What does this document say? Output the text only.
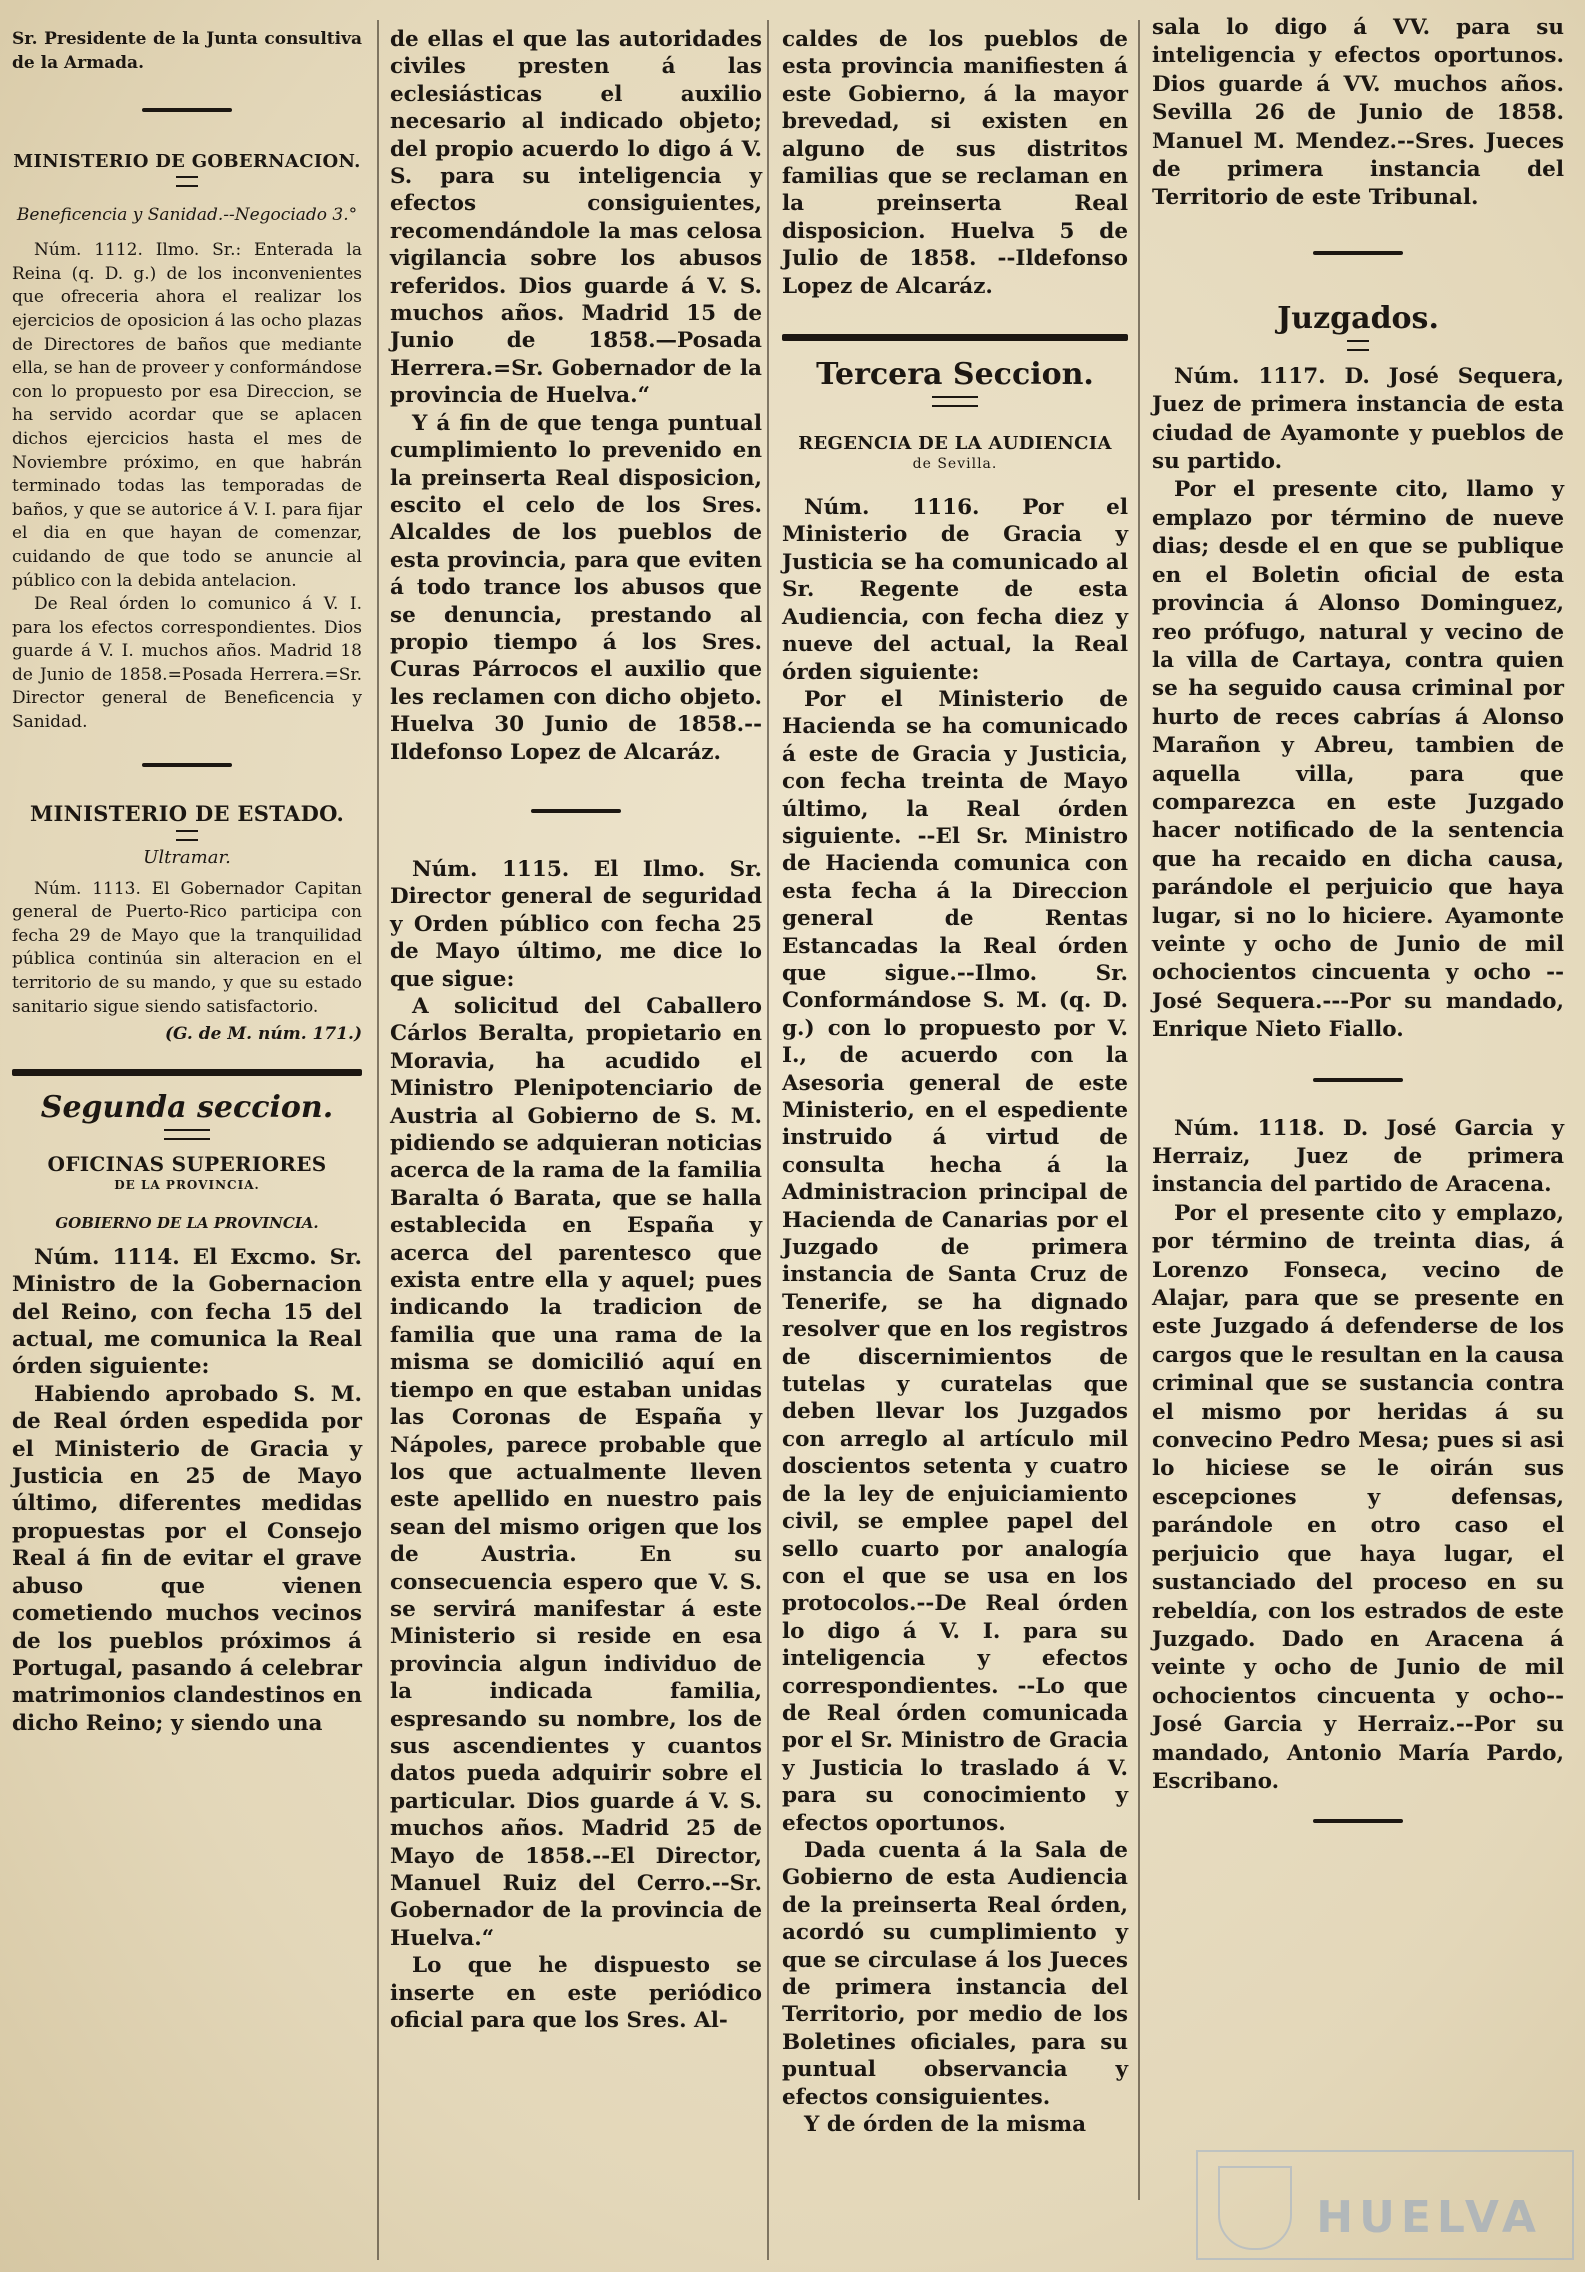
Sr. Presidente de la Junta consultiva de la Armada.

MINISTERIO DE GOBERNACION.
Beneficencia y Sanidad.--Negociado 3.°

Núm. 1112. Ilmo. Sr.: Enterada la Reina (q. D. g.) de los inconvenientes que ofreceria ahora el realizar los ejercicios de oposicion á las ocho plazas de Directores de baños que mediante ella, se han de proveer y conformándose con lo propuesto por esa Direccion, se ha servido acordar que se aplacen dichos ejercicios hasta el mes de Noviembre próximo, en que habrán terminado todas las temporadas de baños, y que se autorice á V. I. para fijar el dia en que hayan de comenzar, cuidando de que todo se anuncie al público con la debida antelacion.

De Real órden lo comunico á V. I. para los efectos correspondientes. Dios guarde á V. I. muchos años. Madrid 18 de Junio de 1858.=Posada Herrera.=Sr. Director general de Beneficencia y Sanidad.

MINISTERIO DE ESTADO.
Ultramar.

Núm. 1113. El Gobernador Capitan general de Puerto-Rico participa con fecha 29 de Mayo que la tranquilidad pública continúa sin alteracion en el territorio de su mando, y que su estado sanitario sigue siendo satisfactorio.

(G. de M. núm. 171.)

Segunda seccion.
OFICINAS SUPERIORES
DE LA PROVINCIA.
GOBIERNO DE LA PROVINCIA.

Núm. 1114. El Excmo. Sr. Ministro de la Gobernacion del Reino, con fecha 15 del actual, me comunica la Real órden siguiente:

Habiendo aprobado S. M. de Real órden espedida por el Ministerio de Gracia y Justicia en 25 de Mayo último, diferentes medidas propuestas por el Consejo Real á fin de evitar el grave abuso que vienen cometiendo muchos vecinos de los pueblos próximos á Portugal, pasando á celebrar matrimonios clandestinos en dicho Reino; y siendo una

de ellas el que las autoridades civiles presten á las eclesiásticas el auxilio necesario al indicado objeto; del propio acuerdo lo digo á V. S. para su inteligencia y efectos consiguientes, recomendándole la mas celosa vigilancia sobre los abusos referidos. Dios guarde á V. S. muchos años. Madrid 15 de Junio de 1858.—Posada Herrera.=Sr. Gobernador de la provincia de Huelva.“

Y á fin de que tenga puntual cumplimiento lo prevenido en la preinserta Real disposicion, escito el celo de los Sres. Alcaldes de los pueblos de esta provincia, para que eviten á todo trance los abusos que se denuncia, prestando al propio tiempo á los Sres. Curas Párrocos el auxilio que les reclamen con dicho objeto. Huelva 30 Junio de 1858.--Ildefonso Lopez de Alcaráz.

Núm. 1115. El Ilmo. Sr. Director general de seguridad y Orden público con fecha 25 de Mayo último, me dice lo que sigue:

A solicitud del Caballero Cárlos Beralta, propietario en Moravia, ha acudido el Ministro Plenipotenciario de Austria al Gobierno de S. M. pidiendo se adquieran noticias acerca de la rama de la familia Baralta ó Barata, que se halla establecida en España y acerca del parentesco que exista entre ella y aquel; pues indicando la tradicion de familia que una rama de la misma se domicilió aquí en tiempo en que estaban unidas las Coronas de España y Nápoles, parece probable que los que actualmente lleven este apellido en nuestro pais sean del mismo origen que los de Austria. En su consecuencia espero que V. S. se servirá manifestar á este Ministerio si reside en esa provincia algun individuo de la indicada familia, espresando su nombre, los de sus ascendientes y cuantos datos pueda adquirir sobre el particular. Dios guarde á V. S. muchos años. Madrid 25 de Mayo de 1858.--El Director, Manuel Ruiz del Cerro.--Sr. Gobernador de la provincia de Huelva.“

Lo que he dispuesto se inserte en este periódico oficial para que los Sres. Al-

caldes de los pueblos de esta provincia manifiesten á este Gobierno, á la mayor brevedad, si existen en alguno de sus distritos familias que se reclaman en la preinserta Real disposicion. Huelva 5 de Julio de 1858. --Ildefonso Lopez de Alcaráz.

Tercera Seccion.
REGENCIA DE LA AUDIENCIA
de Sevilla.

Núm. 1116. Por el Ministerio de Gracia y Justicia se ha comunicado al Sr. Regente de esta Audiencia, con fecha diez y nueve del actual, la Real órden siguiente:

Por el Ministerio de Hacienda se ha comunicado á este de Gracia y Justicia, con fecha treinta de Mayo último, la Real órden siguiente. --El Sr. Ministro de Hacienda comunica con esta fecha á la Direccion general de Rentas Estancadas la Real órden que sigue.--Ilmo. Sr. Conformándose S. M. (q. D. g.) con lo propuesto por V. I., de acuerdo con la Asesoria general de este Ministerio, en el espediente instruido á virtud de consulta hecha á la Administracion principal de Hacienda de Canarias por el Juzgado de primera instancia de Santa Cruz de Tenerife, se ha dignado resolver que en los registros de discernimientos de tutelas y curatelas que deben llevar los Juzgados con arreglo al artículo mil doscientos setenta y cuatro de la ley de enjuiciamiento civil, se emplee papel del sello cuarto por analogía con el que se usa en los protocolos.--De Real órden lo digo á V. I. para su inteligencia y efectos correspondientes. --Lo que de Real órden comunicada por el Sr. Ministro de Gracia y Justicia lo traslado á V. para su conocimiento y efectos oportunos.

Dada cuenta á la Sala de Gobierno de esta Audiencia de la preinserta Real órden, acordó su cumplimiento y que se circulase á los Jueces de primera instancia del Territorio, por medio de los Boletines oficiales, para su puntual observancia y efectos consiguientes.

Y de órden de la misma

sala lo digo á VV. para su inteligencia y efectos oportunos. Dios guarde á VV. muchos años. Sevilla 26 de Junio de 1858. Manuel M. Mendez.--Sres. Jueces de primera instancia del Territorio de este Tribunal.

Juzgados.

Núm. 1117. D. José Sequera, Juez de primera instancia de esta ciudad de Ayamonte y pueblos de su partido.

Por el presente cito, llamo y emplazo por término de nueve dias; desde el en que se publique en el Boletin oficial de esta provincia á Alonso Dominguez, reo prófugo, natural y vecino de la villa de Cartaya, contra quien se ha seguido causa criminal por hurto de reces cabrías á Alonso Marañon y Abreu, tambien de aquella villa, para que comparezca en este Juzgado hacer notificado de la sentencia que ha recaido en dicha causa, parándole el perjuicio que haya lugar, si no lo hiciere. Ayamonte veinte y ocho de Junio de mil ochocientos cincuenta y ocho --José Sequera.---Por su mandado, Enrique Nieto Fiallo.

Núm. 1118. D. José Garcia y Herraiz, Juez de primera instancia del partido de Aracena.

Por el presente cito y emplazo, por término de treinta dias, á Lorenzo Fonseca, vecino de Alajar, para que se presente en este Juzgado á defenderse de los cargos que le resultan en la causa criminal que se sustancia contra el mismo por heridas á su convecino Pedro Mesa; pues si asi lo hiciese se le oirán sus escepciones y defensas, parándole en otro caso el perjuicio que haya lugar, el sustanciado del proceso en su rebeldía, con los estrados de este Juzgado. Dado en Aracena á veinte y ocho de Junio de mil ochocientos cincuenta y ocho--José Garcia y Herraiz.--Por su mandado, Antonio María Pardo, Escribano.

HUELVA
